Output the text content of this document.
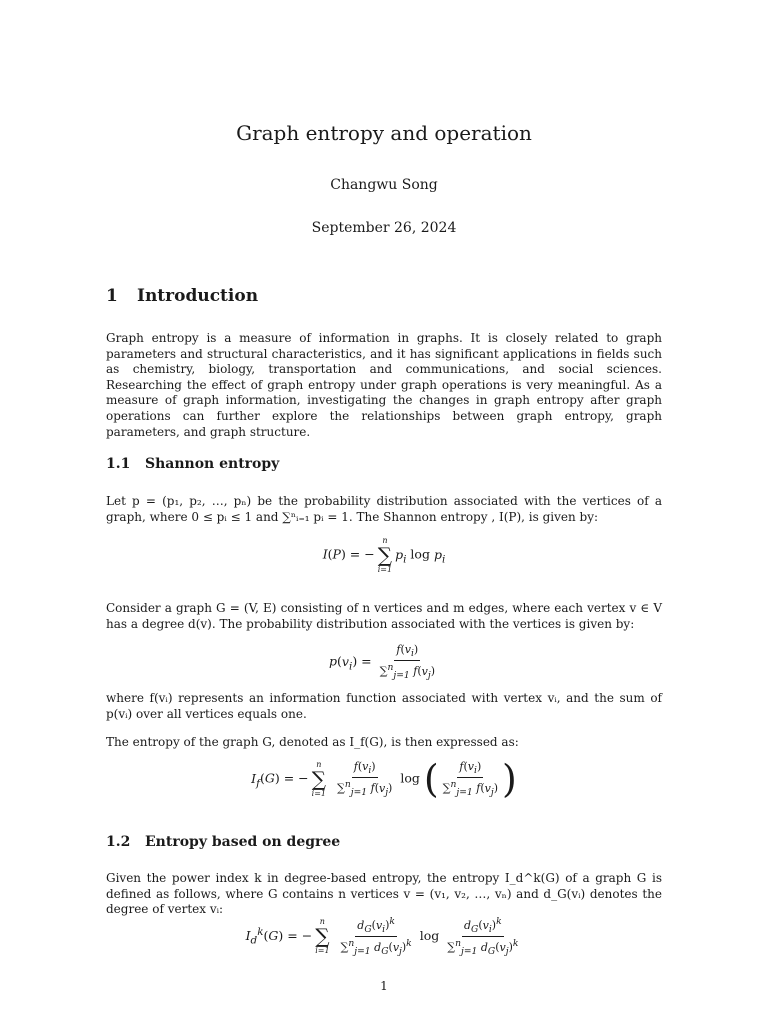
Graph entropy and operation
Changwu Song
September 26, 2024
1 Introduction

Graph entropy is a measure of information in graphs. It is closely related to graph parameters and structural characteristics, and it has significant applications in fields such as chemistry, biology, transportation and communications, and social sciences. Researching the effect of graph entropy under graph operations is very meaningful. As a measure of graph information, investigating the changes in graph entropy after graph operations can further explore the relationships between graph entropy, graph parameters, and graph structure.

1.1 Shannon entropy

Let p = (p₁, p₂, …, pₙ) be the probability distribution associated with the vertices of a graph, where 0 ≤ pᵢ ≤ 1 and ∑ⁿᵢ₌₁ pᵢ = 1. The Shannon entropy , I(P), is given by:

I(P) = −
n
∑
i=1
$p_i$ $\log p_i$

Consider a graph G = (V, E) consisting of n vertices and m edges, where each vertex v ∈ V has a degree d(v). The probability distribution associated with the vertices is given by:

$p(v_i) = \frac{f(v_i)}{\sum^n_{j=1} f(v_j)}$

where f(vᵢ) represents an information function associated with vertex vᵢ, and the sum of p(vᵢ) over all vertices equals one.

The entropy of the graph G, denoted as I_f(G), is then expressed as:

$I_f(G)$ = −
n
∑
i=1
$\frac{f(v_i)}{\sum^n_{j=1} f(v_j)}$ log ( $\frac{f(v_i)}{\sum^n_{j=1} f(v_j)}$ )
1.2 Entropy based on degree

Given the power index k in degree-based entropy, the entropy I_d^k(G) of a graph G is defined as follows, where G contains n vertices v = (v₁, v₂, …, vₙ) and d_G(vᵢ) denotes the degree of vertex vᵢ:

$I_d^k(G)$ = −
n
∑
i=1
$\frac{d_G(v_i)^k}{\sum^n_{j=1} d_G(v_j)^k}$ $\log \frac{d_G(v_i)^k}{\sum^n_{j=1} d_G(v_j)^k}$
1
